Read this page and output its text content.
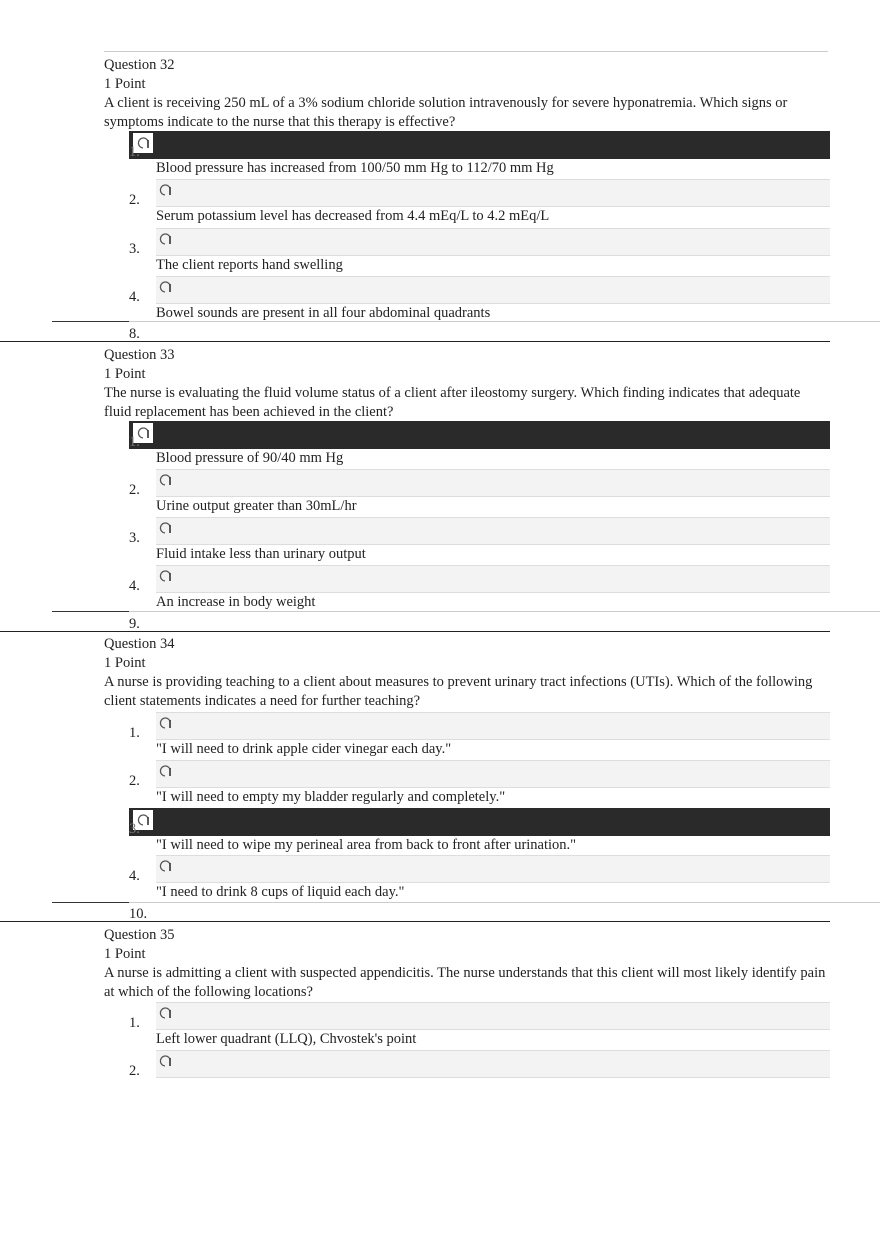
Question 32
1 Point
A client is receiving 250 mL of a 3% sodium chloride solution intravenously for severe hyponatremia. Which signs or symptoms indicate to the nurse that this therapy is effective?
1.
Blood pressure has increased from 100/50 mm Hg to 112/70 mm Hg
2.
Serum potassium level has decreased from 4.4 mEq/L to 4.2 mEq/L
3.
The client reports hand swelling
4.
Bowel sounds are present in all four abdominal quadrants
8.
Question 33
1 Point
The nurse is evaluating the fluid volume status of a client after ileostomy surgery. Which finding indicates that adequate fluid replacement has been achieved in the client?
1.
Blood pressure of 90/40 mm Hg
2.
Urine output greater than 30mL/hr
3.
Fluid intake less than urinary output
4.
An increase in body weight
9.
Question 34
1 Point
A nurse is providing teaching to a client about measures to prevent urinary tract infections (UTIs). Which of the following client statements indicates a need for further teaching?
1.
"I will need to drink apple cider vinegar each day."
2.
"I will need to empty my bladder regularly and completely."
3.
"I will need to wipe my perineal area from back to front after urination."
4.
"I need to drink 8 cups of liquid each day."
10.
Question 35
1 Point
A nurse is admitting a client with suspected appendicitis. The nurse understands that this client will most likely identify pain at which of the following locations?
1.
Left lower quadrant (LLQ), Chvostek's point
2.
